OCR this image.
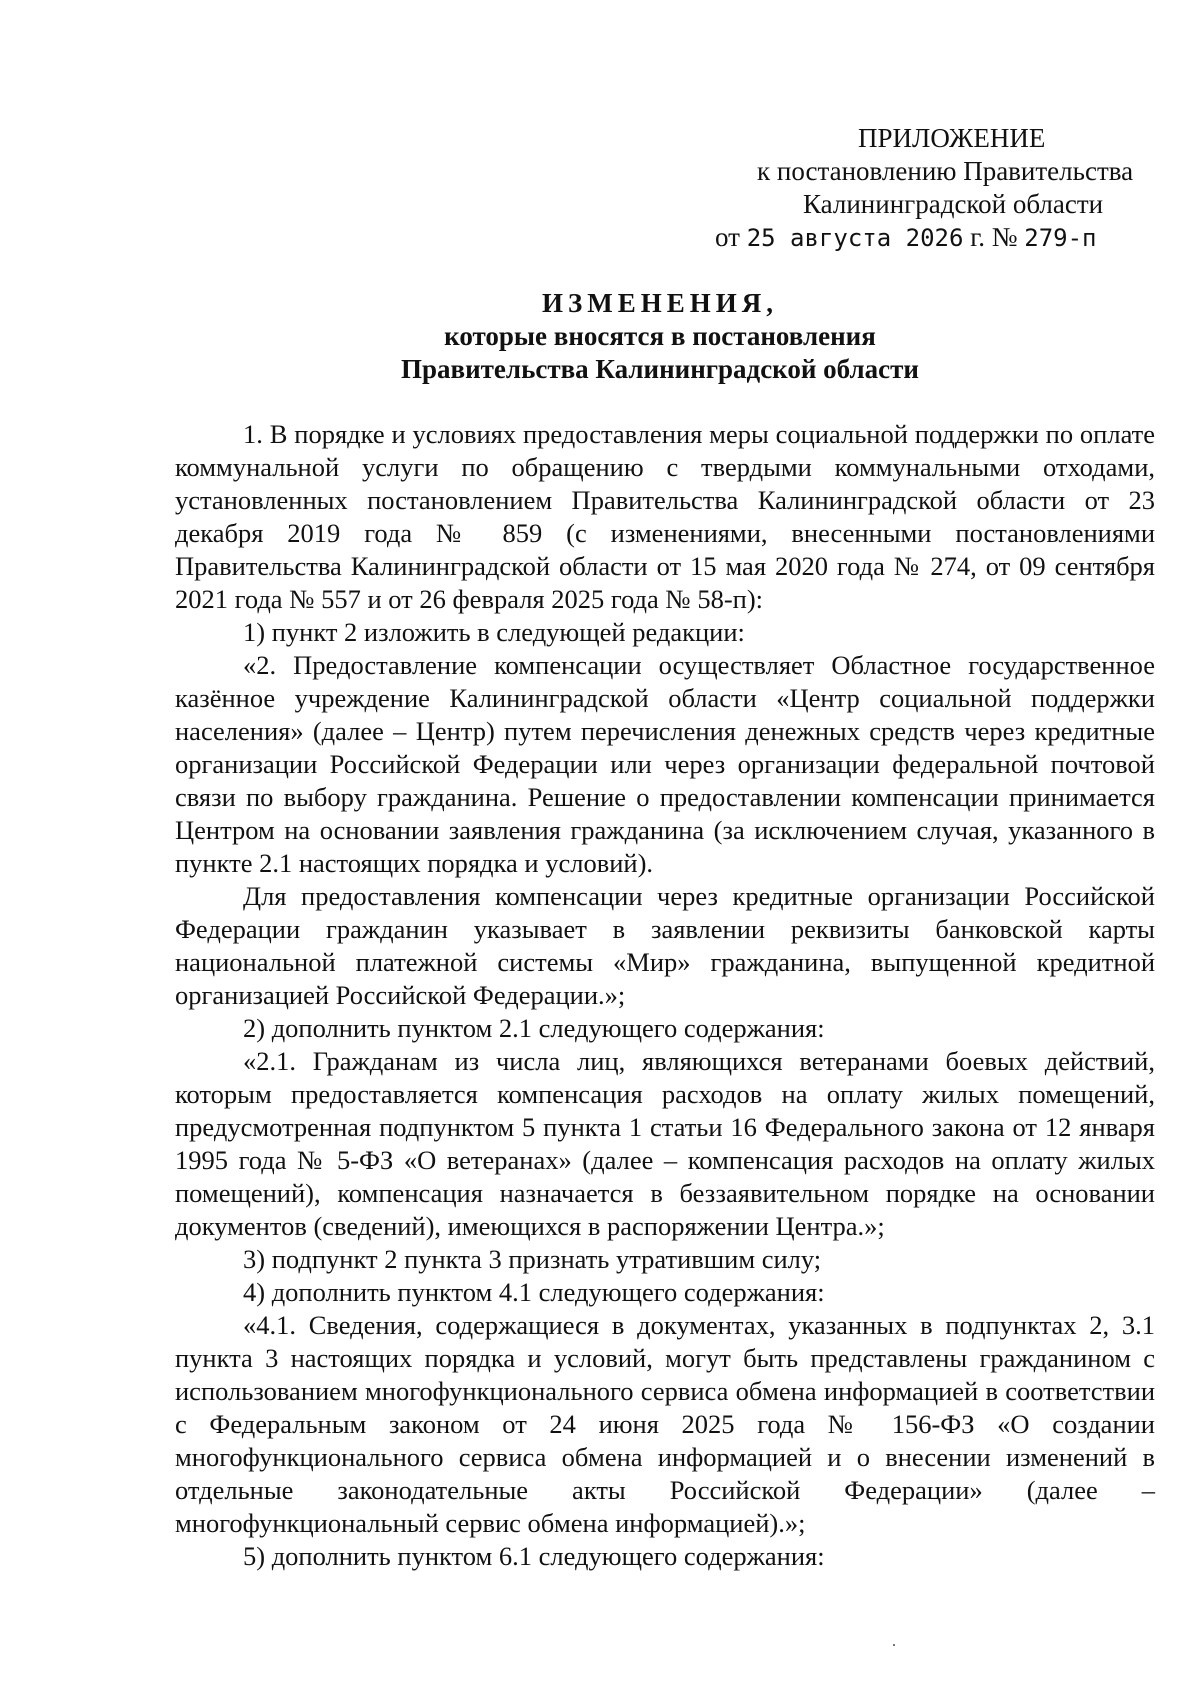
ПРИЛОЖЕНИЕ
к постановлению Правительства
Калининградской области
от 25 августа 2026 г. № 279-п
ИЗМЕНЕНИЯ,
которые вносятся в постановления
Правительства Калининградской области

1. В порядке и условиях предоставления меры социальной поддержки по оплате коммунальной услуги по обращению с твердыми коммунальными отходами, установленных постановлением Правительства Калининградской области от 23 декабря 2019 года № 859 (с изменениями, внесенными постановлениями Правительства Калининградской области от 15 мая 2020 года № 274, от 09 сентября 2021 года № 557 и от 26 февраля 2025 года № 58-п):

1) пункт 2 изложить в следующей редакции:

«2. Предоставление компенсации осуществляет Областное государственное казённое учреждение Калининградской области «Центр социальной поддержки населения» (далее – Центр) путем перечисления денежных средств через кредитные организации Российской Федерации или через организации федеральной почтовой связи по выбору гражданина. Решение о предоставлении компенсации принимается Центром на основании заявления гражданина (за исключением случая, указанного в пункте 2.1 настоящих порядка и условий).

Для предоставления компенсации через кредитные организации Российской Федерации гражданин указывает в заявлении реквизиты банковской карты национальной платежной системы «Мир» гражданина, выпущенной кредитной организацией Российской Федерации.»;

2) дополнить пунктом 2.1 следующего содержания:

«2.1. Гражданам из числа лиц, являющихся ветеранами боевых действий, которым предоставляется компенсация расходов на оплату жилых помещений, предусмотренная подпунктом 5 пункта 1 статьи 16 Федерального закона от 12 января 1995 года № 5-ФЗ «О ветеранах» (далее – компенсация расходов на оплату жилых помещений), компенсация назначается в беззаявительном порядке на основании документов (сведений), имеющихся в распоряжении Центра.»;

3) подпункт 2 пункта 3 признать утратившим силу;

4) дополнить пунктом 4.1 следующего содержания:

«4.1. Сведения, содержащиеся в документах, указанных в подпунктах 2, 3.1 пункта 3 настоящих порядка и условий, могут быть представлены гражданином с использованием многофункционального сервиса обмена информацией в соответствии с Федеральным законом от 24 июня 2025 года № 156-ФЗ «О создании многофункционального сервиса обмена информацией и о внесении изменений в отдельные законодательные акты Российской Федерации» (далее – многофункциональный сервис обмена информацией).»;

5) дополнить пунктом 6.1 следующего содержания:
